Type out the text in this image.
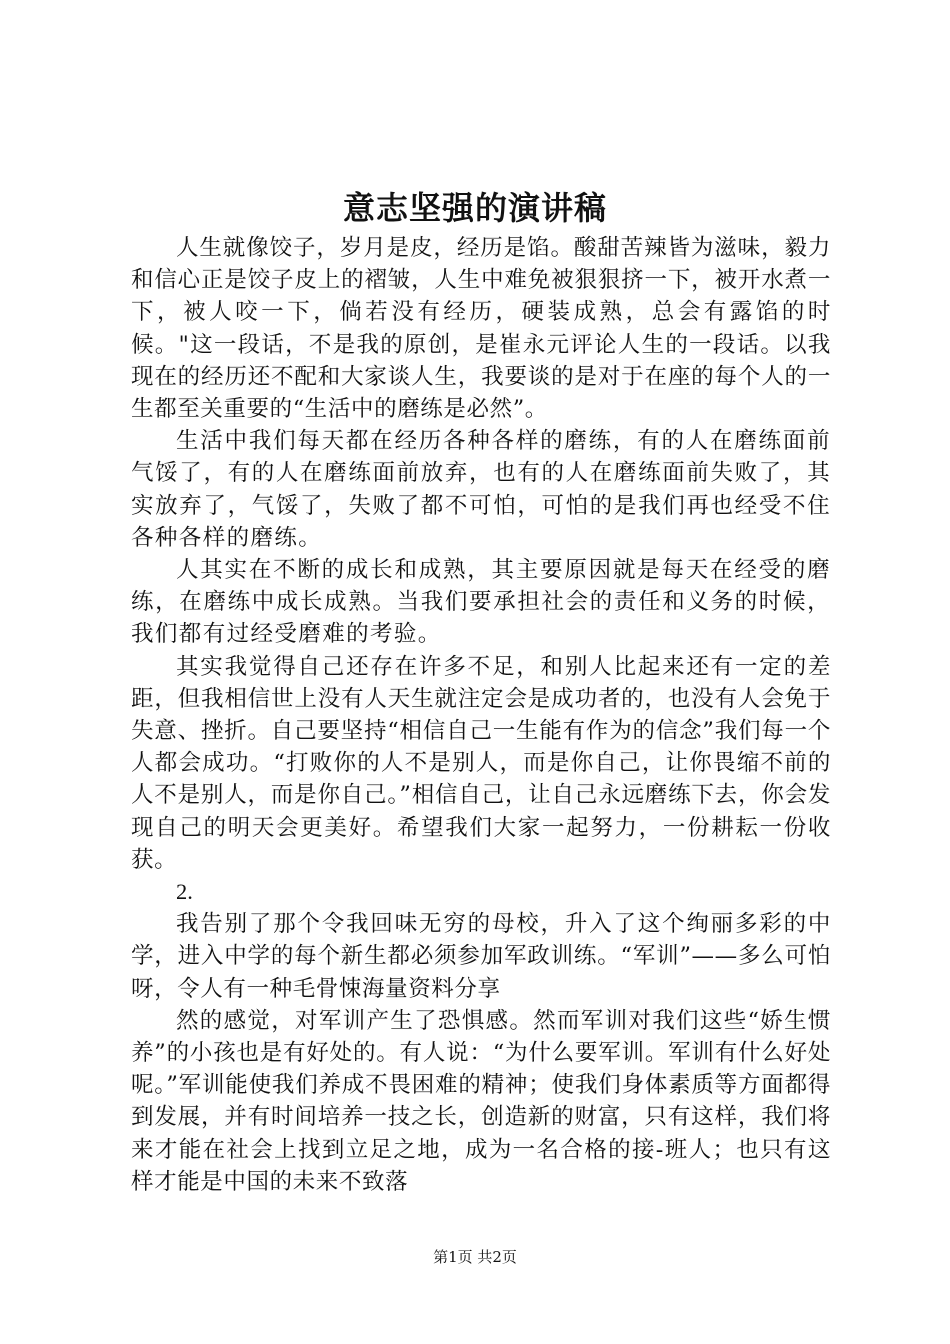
意志坚强的演讲稿

人生就像饺子，岁月是皮，经历是馅。酸甜苦辣皆为滋味，毅力和信心正是饺子皮上的褶皱，人生中难免被狠狠挤一下，被开水煮一下，被人咬一下，倘若没有经历，硬装成熟，总会有露馅的时候。"这一段话，不是我的原创，是崔永元评论人生的一段话。以我现在的经历还不配和大家谈人生，我要谈的是对于在座的每个人的一生都至关重要的“生活中的磨练是必然”。

生活中我们每天都在经历各种各样的磨练，有的人在磨练面前气馁了，有的人在磨练面前放弃，也有的人在磨练面前失败了，其实放弃了，气馁了，失败了都不可怕，可怕的是我们再也经受不住各种各样的磨练。

人其实在不断的成长和成熟，其主要原因就是每天在经受的磨练，在磨练中成长成熟。当我们要承担社会的责任和义务的时候，我们都有过经受磨难的考验。

其实我觉得自己还存在许多不足，和别人比起来还有一定的差距，但我相信世上没有人天生就注定会是成功者的，也没有人会免于失意、挫折。自己要坚持“相信自己一生能有作为的信念”我们每一个人都会成功。“打败你的人不是别人，而是你自己，让你畏缩不前的人不是别人，而是你自己。”相信自己，让自己永远磨练下去，你会发现自己的明天会更美好。希望我们大家一起努力，一份耕耘一份收获。

2.

我告别了那个令我回味无穷的母校，升入了这个绚丽多彩的中学，进入中学的每个新生都必须参加军政训练。“军训”——多么可怕呀，令人有一种毛骨悚海量资料分享

然的感觉，对军训产生了恐惧感。然而军训对我们这些“娇生惯养”的小孩也是有好处的。有人说：“为什么要军训。军训有什么好处呢。”军训能使我们养成不畏困难的精神；使我们身体素质等方面都得到发展，并有时间培养一技之长，创造新的财富，只有这样，我们将来才能在社会上找到立足之地，成为一名合格的接-班人；也只有这样才能是中国的未来不致落

第1页 共2页
